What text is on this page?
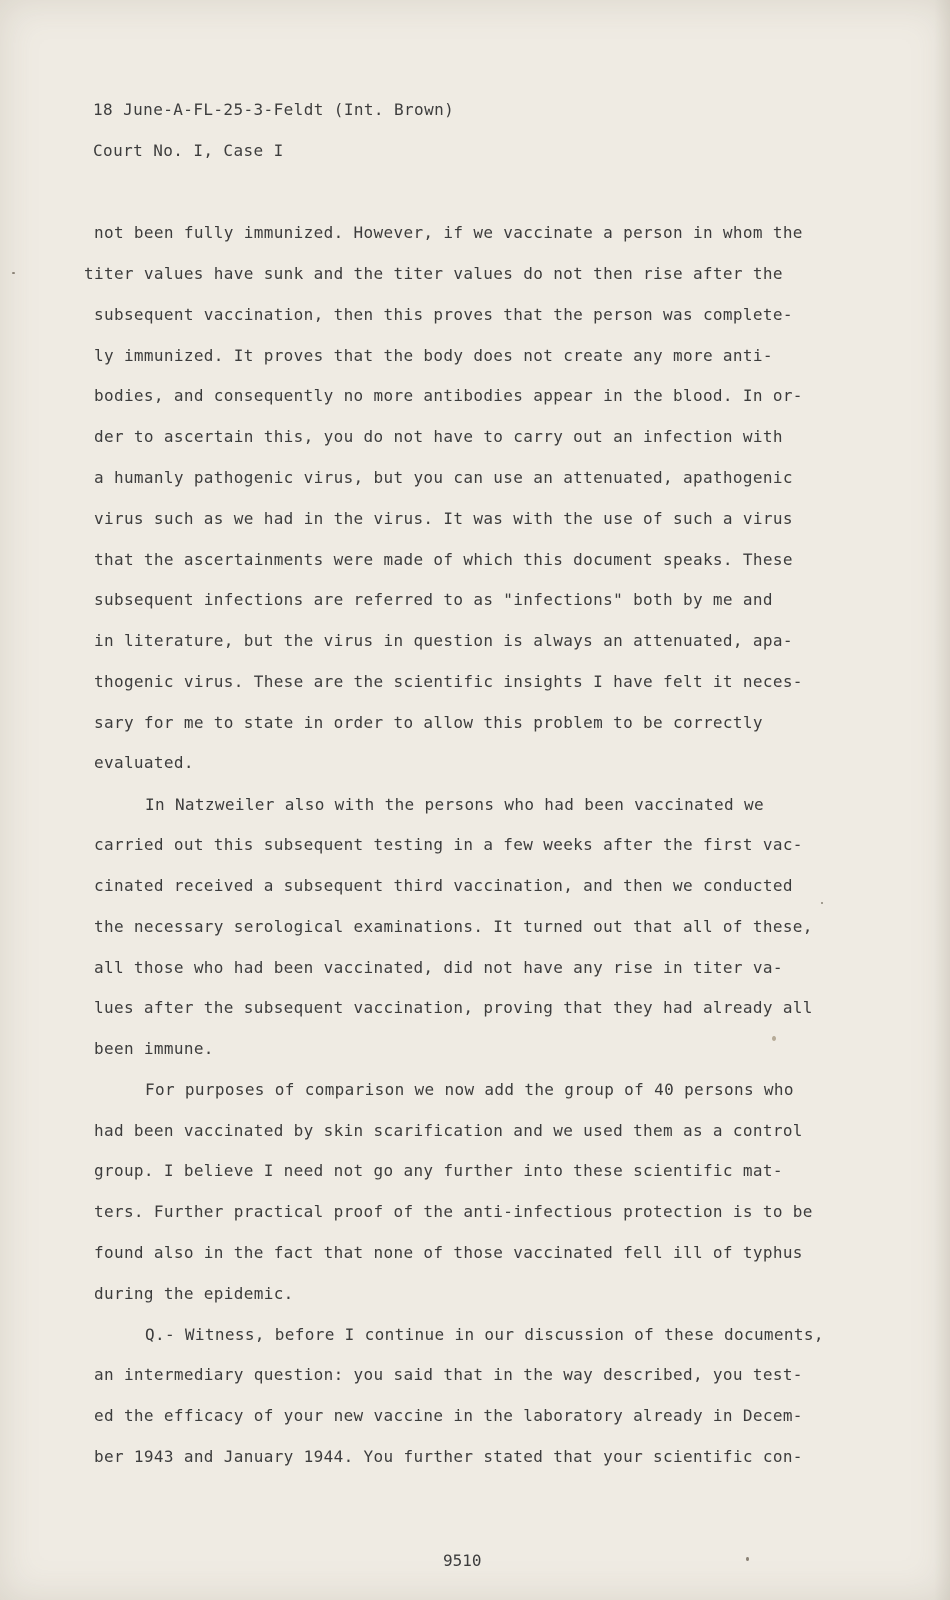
18 June-A-FL-25-3-Feldt (Int. Brown)
Court No. I, Case I
not been fully immunized. However, if we vaccinate a person in whom the
titer values have sunk and the titer values do not then rise after the
subsequent vaccination, then this proves that the person was complete-
ly immunized. It proves that the body does not create any more anti-
bodies, and consequently no more antibodies appear in the blood. In or-
der to ascertain this, you do not have to carry out an infection with
a humanly pathogenic virus, but you can use an attenuated, apathogenic
virus such as we had in the virus. It was with the use of such a virus
that the ascertainments were made of which this document speaks. These
subsequent infections are referred to as "infections" both by me and
in literature, but the virus in question is always an attenuated, apa-
thogenic virus. These are the scientific insights I have felt it neces-
sary for me to state in order to allow this problem to be correctly
evaluated.
In Natzweiler also with the persons who had been vaccinated we
carried out this subsequent testing in a few weeks after the first vac-
cinated received a subsequent third vaccination, and then we conducted
the necessary serological examinations. It turned out that all of these,
all those who had been vaccinated, did not have any rise in titer va-
lues after the subsequent vaccination, proving that they had already all
been immune.
For purposes of comparison we now add the group of 40 persons who
had been vaccinated by skin scarification and we used them as a control
group. I believe I need not go any further into these scientific mat-
ters. Further practical proof of the anti-infectious protection is to be
found also in the fact that none of those vaccinated fell ill of typhus
during the epidemic.
Q.- Witness, before I continue in our discussion of these documents,
an intermediary question: you said that in the way described, you test-
ed the efficacy of your new vaccine in the laboratory already in Decem-
ber 1943 and January 1944. You further stated that your scientific con-
9510
